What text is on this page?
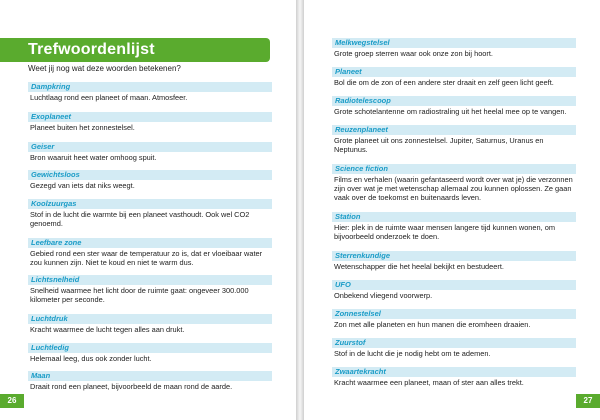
Trefwoordenlijst
Weet jij nog wat deze woorden betekenen?
Dampkring
Luchtlaag rond een planeet of maan. Atmosfeer.
Exoplaneet
Planeet buiten het zonnestelsel.
Geiser
Bron waaruit heet water omhoog spuit.
Gewichtsloos
Gezegd van iets dat niks weegt.
Koolzuurgas
Stof in de lucht die warmte bij een planeet vasthoudt. Ook wel CO2 genoemd.
Leefbare zone
Gebied rond een ster waar de temperatuur zo is, dat er vloeibaar water zou kunnen zijn. Niet te koud en niet te warm dus.
Lichtsnelheid
Snelheid waarmee het licht door de ruimte gaat: ongeveer 300.000 kilometer per seconde.
Luchtdruk
Kracht waarmee de lucht tegen alles aan drukt.
Luchtledig
Helemaal leeg, dus ook zonder lucht.
Maan
Draait rond een planeet, bijvoorbeeld de maan rond de aarde.
26
Melkwegstelsel
Grote groep sterren waar ook onze zon bij hoort.
Planeet
Bol die om de zon of een andere ster draait en zelf geen licht geeft.
Radiotelescoop
Grote schotelantenne om radiostraling uit het heelal mee op te vangen.
Reuzenplaneet
Grote planeet uit ons zonnestelsel. Jupiter, Saturnus, Uranus en Neptunus.
Science fiction
Films en verhalen (waarin gefantaseerd wordt over wat je) die verzonnen zijn over wat je met wetenschap allemaal zou kunnen oplossen. Ze gaan vaak over de toekomst en buitenaards leven.
Station
Hier: plek in de ruimte waar mensen langere tijd kunnen wonen, om bijvoorbeeld onderzoek te doen.
Sterrenkundige
Wetenschapper die het heelal bekijkt en bestudeert.
UFO
Onbekend vliegend voorwerp.
Zonnestelsel
Zon met alle planeten en hun manen die eromheen draaien.
Zuurstof
Stof in de lucht die je nodig hebt om te ademen.
Zwaartekracht
Kracht waarmee een planeet, maan of ster aan alles trekt.
27
